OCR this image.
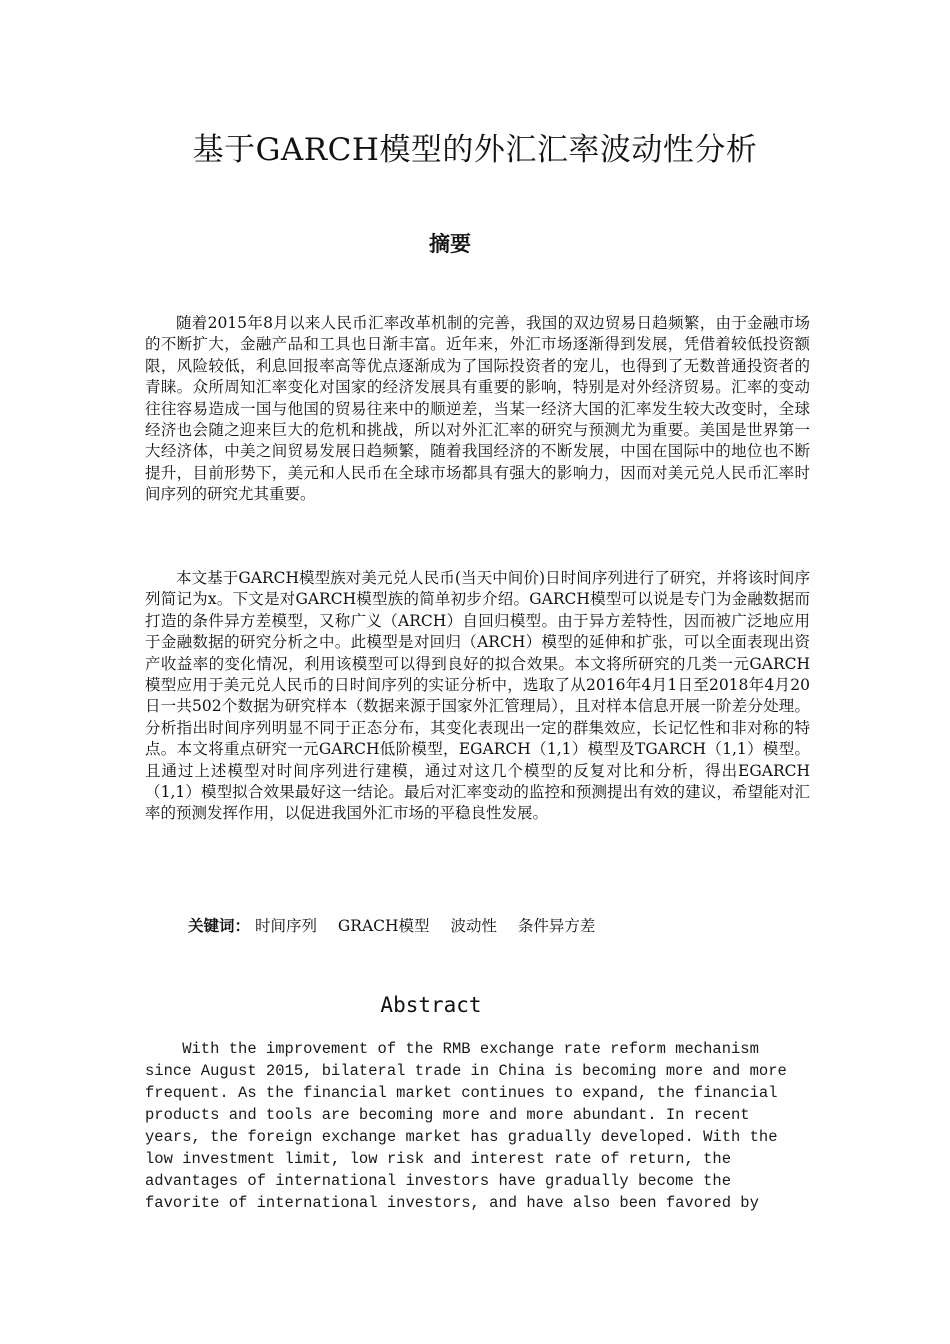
基于GARCH模型的外汇汇率波动性分析
摘要

随着2015年8月以来人民币汇率改革机制的完善，我国的双边贸易日趋频繁，由于金融市场的不断扩大，金融产品和工具也日渐丰富。近年来，外汇市场逐渐得到发展，凭借着较低投资额限，风险较低，利息回报率高等优点逐渐成为了国际投资者的宠儿，也得到了无数普通投资者的青睐。众所周知汇率变化对国家的经济发展具有重要的影响，特别是对外经济贸易。汇率的变动往往容易造成一国与他国的贸易往来中的顺逆差，当某一经济大国的汇率发生较大改变时，全球经济也会随之迎来巨大的危机和挑战，所以对外汇汇率的研究与预测尤为重要。美国是世界第一大经济体，中美之间贸易发展日趋频繁，随着我国经济的不断发展，中国在国际中的地位也不断提升，目前形势下，美元和人民币在全球市场都具有强大的影响力，因而对美元兑人民币汇率时间序列的研究尤其重要。

本文基于GARCH模型族对美元兑人民币(当天中间价)日时间序列进行了研究，并将该时间序列简记为x。下文是对GARCH模型族的简单初步介绍。GARCH模型可以说是专门为金融数据而打造的条件异方差模型，又称广义（ARCH）自回归模型。由于异方差特性，因而被广泛地应用于金融数据的研究分析之中。此模型是对回归（ARCH）模型的延伸和扩张，可以全面表现出资产收益率的变化情况，利用该模型可以得到良好的拟合效果。本文将所研究的几类一元GARCH模型应用于美元兑人民币的日时间序列的实证分析中，选取了从2016年4月1日至2018年4月20日一共502个数据为研究样本（数据来源于国家外汇管理局），且对样本信息开展一阶差分处理。分析指出时间序列明显不同于正态分布，其变化表现出一定的群集效应，长记忆性和非对称的特点。本文将重点研究一元GARCH低阶模型，EGARCH（1,1）模型及TGARCH（1,1）模型。且通过上述模型对时间序列进行建模，通过对这几个模型的反复对比和分析，得出EGARCH（1,1）模型拟合效果最好这一结论。最后对汇率变动的监控和预测提出有效的建议，希望能对汇率的预测发挥作用，以促进我国外汇市场的平稳良性发展。

关键词： 时间序列 GRACH模型 波动性 条件异方差
Abstract
With the improvement of the RMB exchange rate reform mechanism
since August 2015, bilateral trade in China is becoming more and more
frequent. As the financial market continues to expand, the financial
products and tools are becoming more and more abundant. In recent
years, the foreign exchange market has gradually developed. With the
low investment limit, low risk and interest rate of return, the
advantages of international investors have gradually become the
favorite of international investors, and have also been favored by
